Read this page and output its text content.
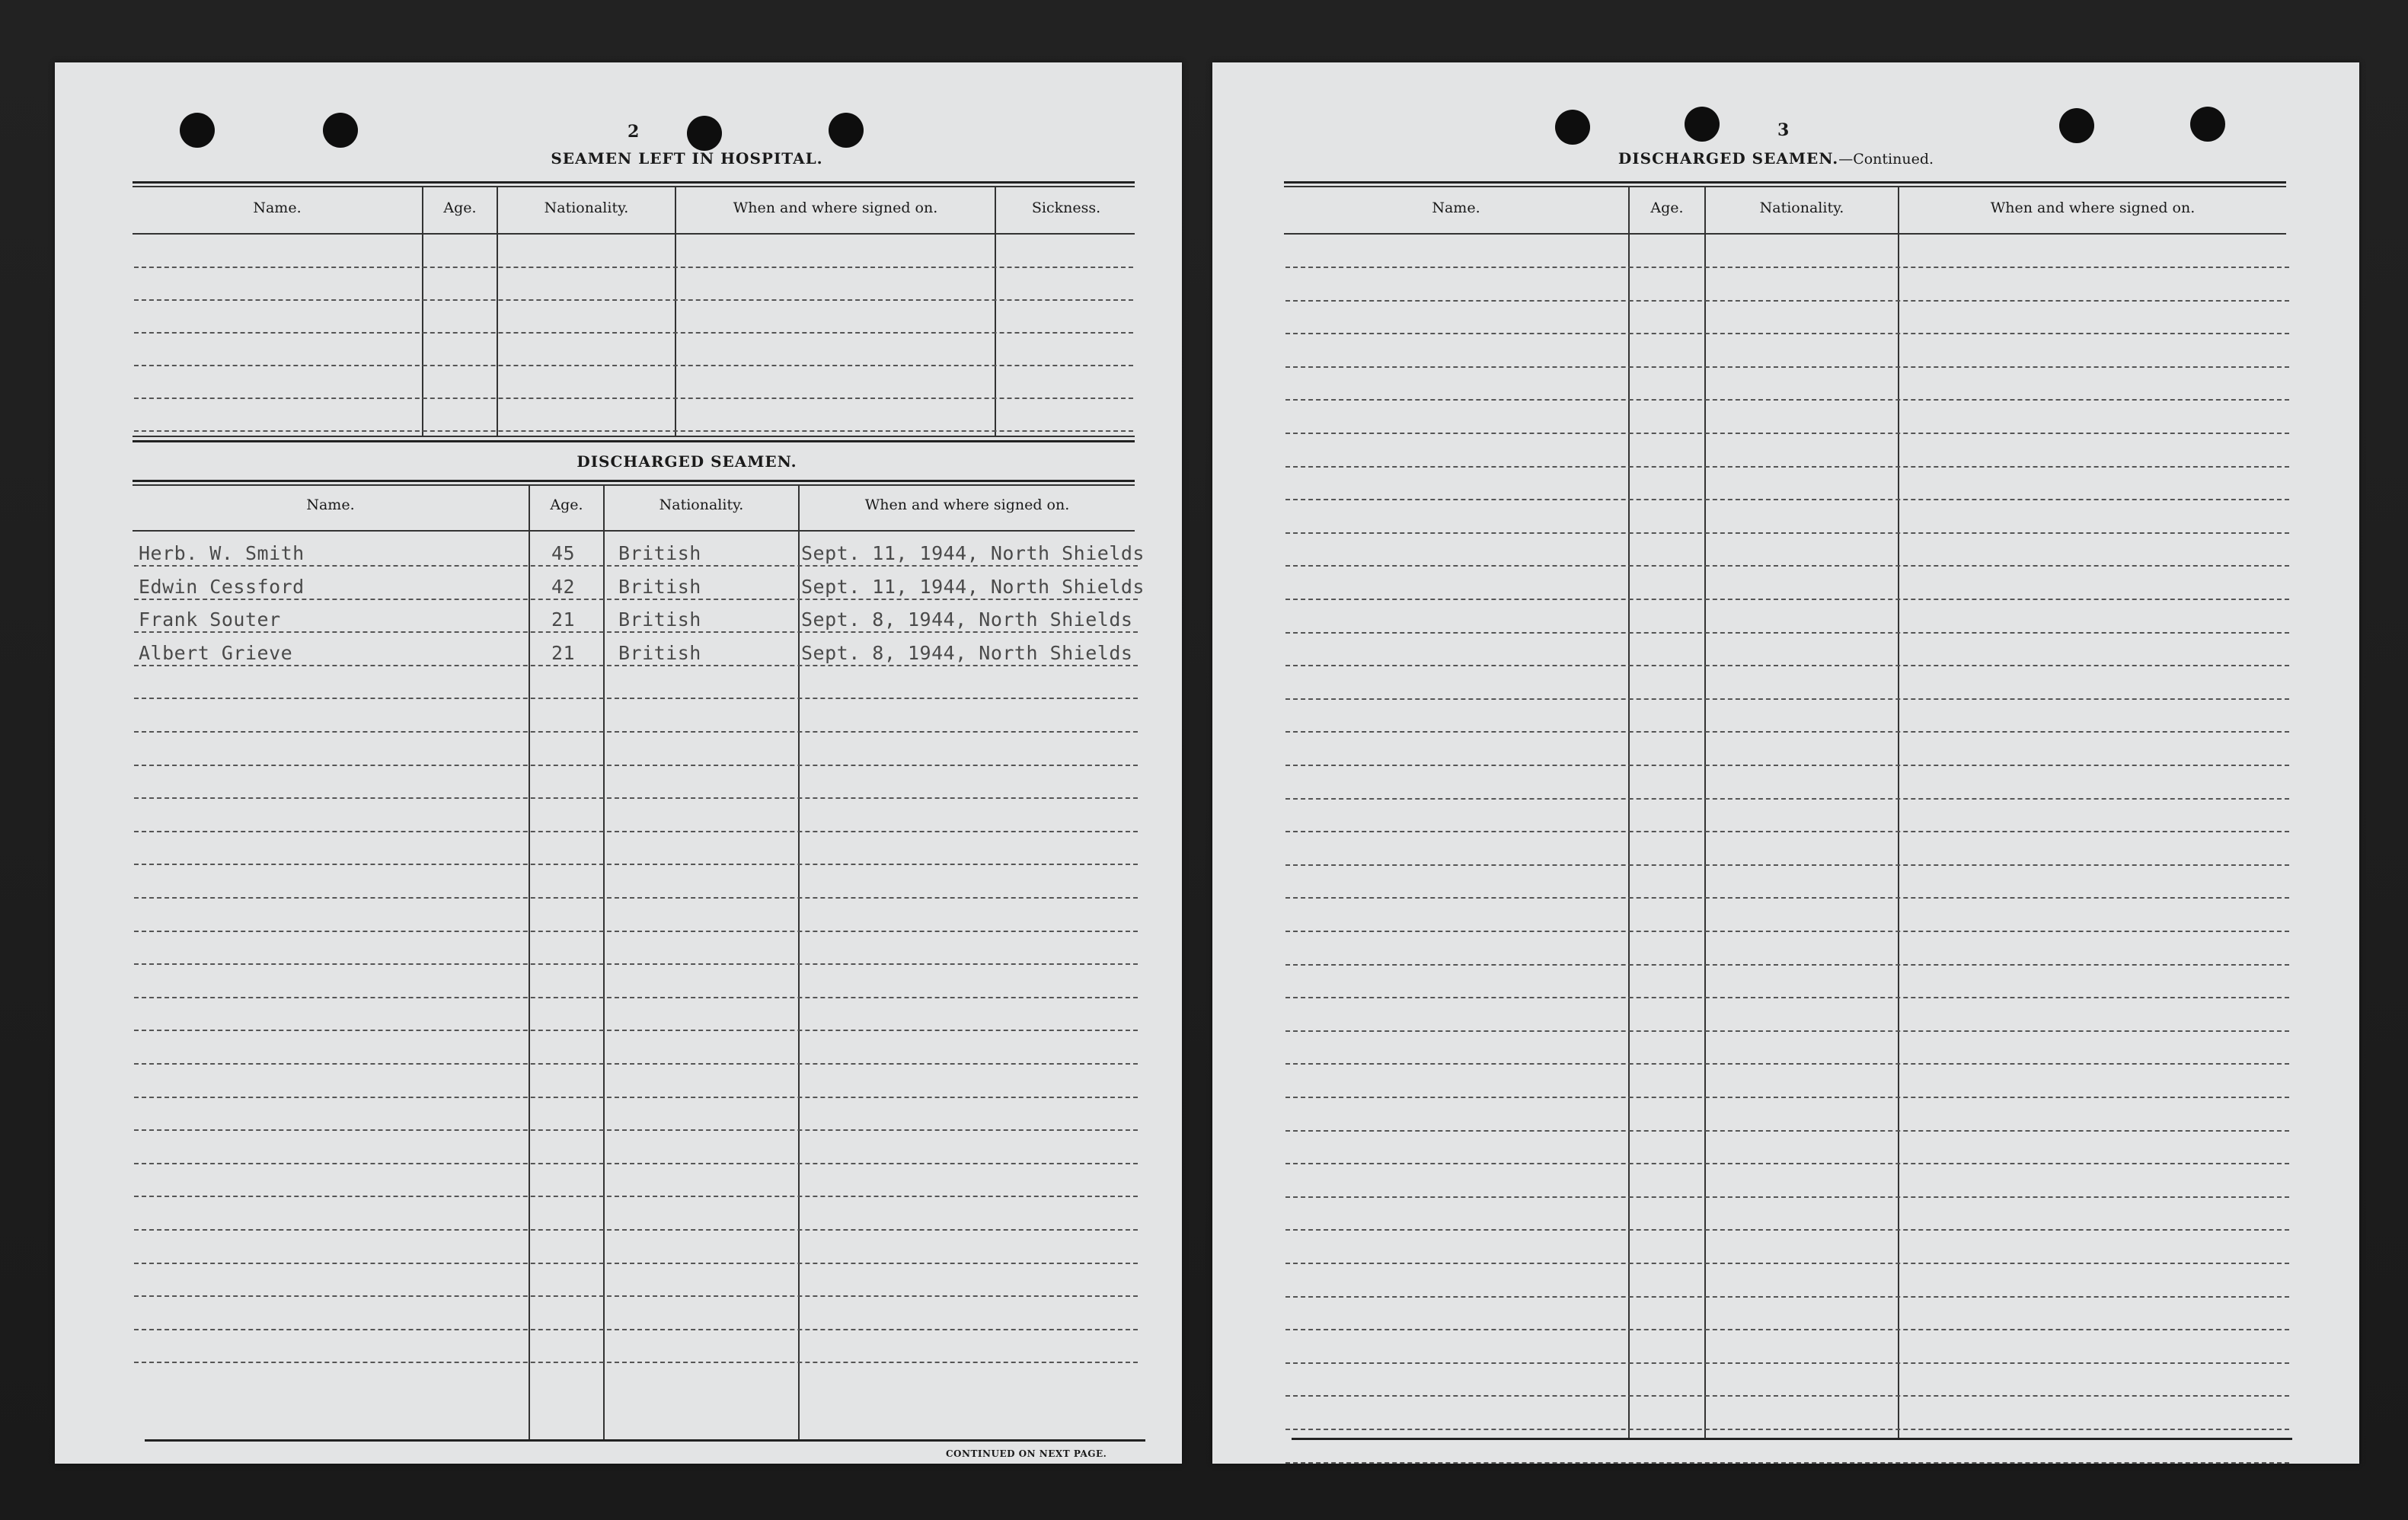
2
SEAMEN LEFT IN HOSPITAL.
Name.	Age.	Nationality.	When and where signed on.	Sickness.
DISCHARGED SEAMEN.
Name.	Age.	Nationality.	When and where signed on.
Herb. W. Smith	45 British	Sept. 11, 1944, North Shields
Edwin Cessford	42 British	Sept. 11, 1944, North Shields
Frank Souter	21 British	Sept. 8, 1944, North Shields
Albert Grieve	21 British	Sept. 8, 1944, North Shields
CONTINUED ON NEXT PAGE.
3
DISCHARGED SEAMEN.—Continued.
Name.	Age.	Nationality.	When and where signed on.
